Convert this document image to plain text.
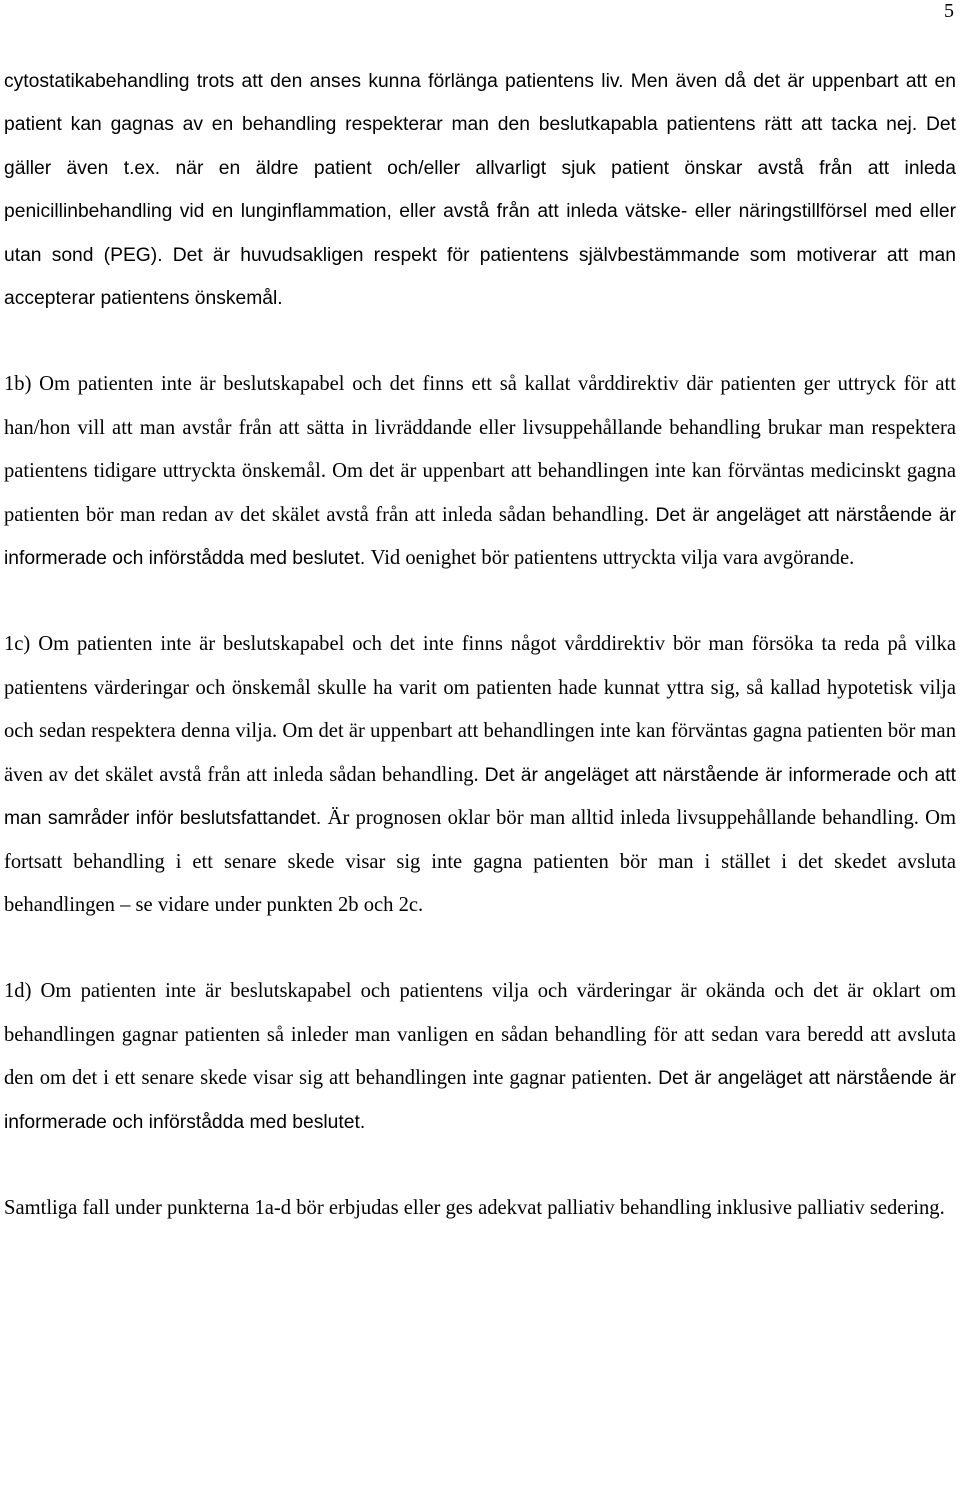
5

cytostatikabehandling trots att den anses kunna förlänga patientens liv. Men även då det är uppenbart att en patient kan gagnas av en behandling respekterar man den beslutkapabla patientens rätt att tacka nej. Det gäller även t.ex. när en äldre patient och/eller allvarligt sjuk patient önskar avstå från att inleda penicillinbehandling vid en lunginflammation, eller avstå från att inleda vätske- eller näringstillförsel med eller utan sond (PEG). Det är huvudsakligen respekt för patientens självbestämmande som motiverar att man accepterar patientens önskemål.

1b) Om patienten inte är beslutskapabel och det finns ett så kallat vårddirektiv där patienten ger uttryck för att han/hon vill att man avstår från att sätta in livräddande eller livsuppehållande behandling brukar man respektera patientens tidigare uttryckta önskemål. Om det är uppenbart att behandlingen inte kan förväntas medicinskt gagna patienten bör man redan av det skälet avstå från att inleda sådan behandling. Det är angeläget att närstående är informerade och införstådda med beslutet. Vid oenighet bör patientens uttryckta vilja vara avgörande.

1c) Om patienten inte är beslutskapabel och det inte finns något vårddirektiv bör man försöka ta reda på vilka patientens värderingar och önskemål skulle ha varit om patienten hade kunnat yttra sig, så kallad hypotetisk vilja och sedan respektera denna vilja. Om det är uppenbart att behandlingen inte kan förväntas gagna patienten bör man även av det skälet avstå från att inleda sådan behandling. Det är angeläget att närstående är informerade och att man samråder inför beslutsfattandet. Är prognosen oklar bör man alltid inleda livsuppehållande behandling. Om fortsatt behandling i ett senare skede visar sig inte gagna patienten bör man i stället i det skedet avsluta behandlingen – se vidare under punkten 2b och 2c.

1d) Om patienten inte är beslutskapabel och patientens vilja och värderingar är okända och det är oklart om behandlingen gagnar patienten så inleder man vanligen en sådan behandling för att sedan vara beredd att avsluta den om det i ett senare skede visar sig att behandlingen inte gagnar patienten. Det är angeläget att närstående är informerade och införstådda med beslutet.

Samtliga fall under punkterna 1a-d bör erbjudas eller ges adekvat palliativ behandling inklusive palliativ sedering.
